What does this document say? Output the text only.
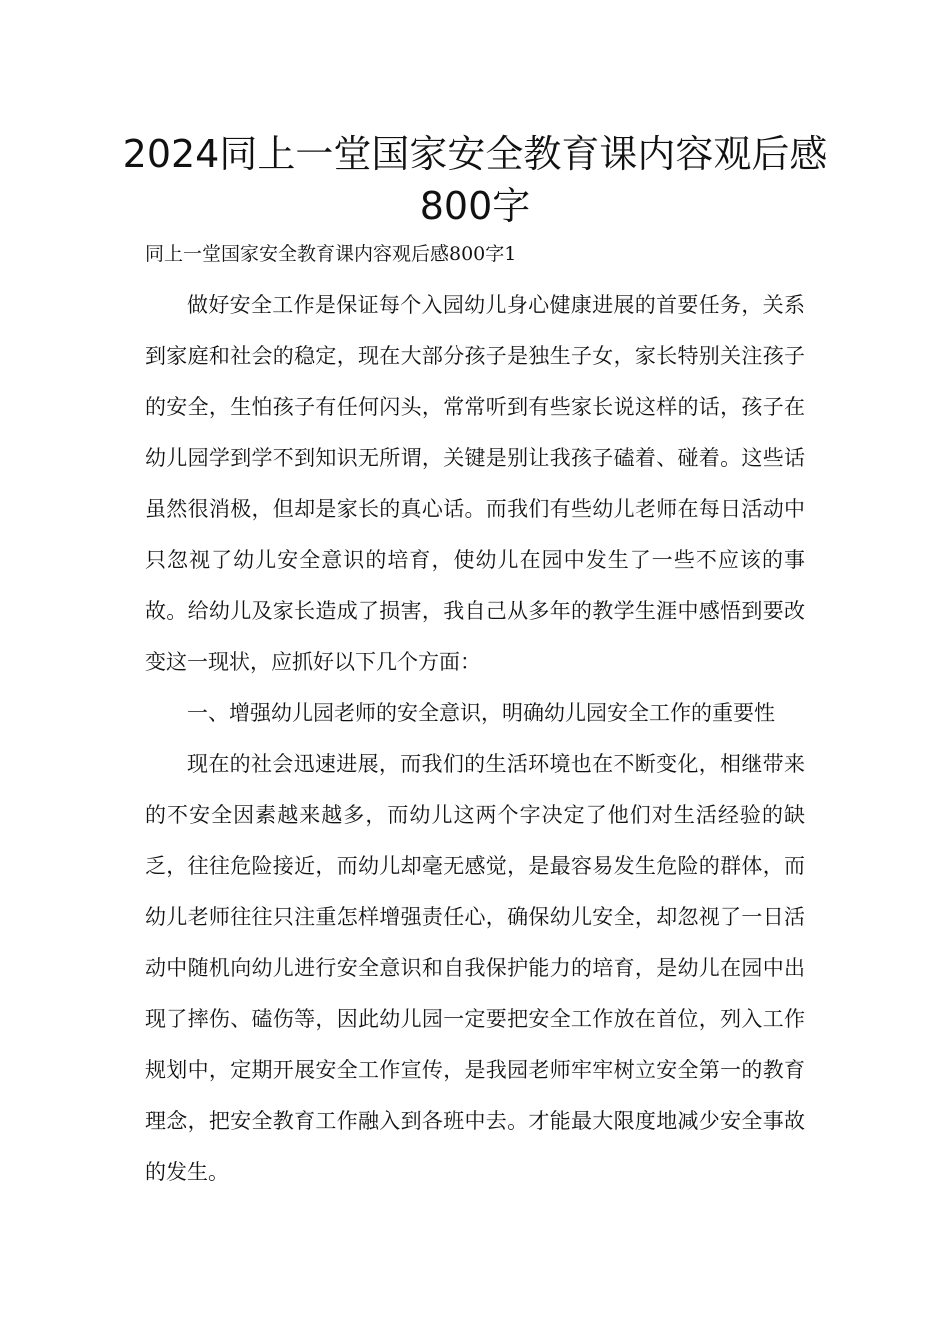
2024同上一堂国家安全教育课内容观后感800字

同上一堂国家安全教育课内容观后感800字1

做好安全工作是保证每个入园幼儿身心健康进展的首要任务，关系到家庭和社会的稳定，现在大部分孩子是独生子女，家长特别关注孩子的安全，生怕孩子有任何闪头，常常听到有些家长说这样的话，孩子在幼儿园学到学不到知识无所谓，关键是别让我孩子磕着、碰着。这些话虽然很消极，但却是家长的真心话。而我们有些幼儿老师在每日活动中只忽视了幼儿安全意识的培育，使幼儿在园中发生了一些不应该的事故。给幼儿及家长造成了损害，我自己从多年的教学生涯中感悟到要改变这一现状，应抓好以下几个方面：

一、增强幼儿园老师的安全意识，明确幼儿园安全工作的重要性

现在的社会迅速进展，而我们的生活环境也在不断变化，相继带来的不安全因素越来越多，而幼儿这两个字决定了他们对生活经验的缺乏，往往危险接近，而幼儿却毫无感觉，是最容易发生危险的群体，而幼儿老师往往只注重怎样增强责任心，确保幼儿安全，却忽视了一日活动中随机向幼儿进行安全意识和自我保护能力的培育，是幼儿在园中出现了摔伤、磕伤等，因此幼儿园一定要把安全工作放在首位，列入工作规划中，定期开展安全工作宣传，是我园老师牢牢树立安全第一的教育理念，把安全教育工作融入到各班中去。才能最大限度地减少安全事故的发生。
